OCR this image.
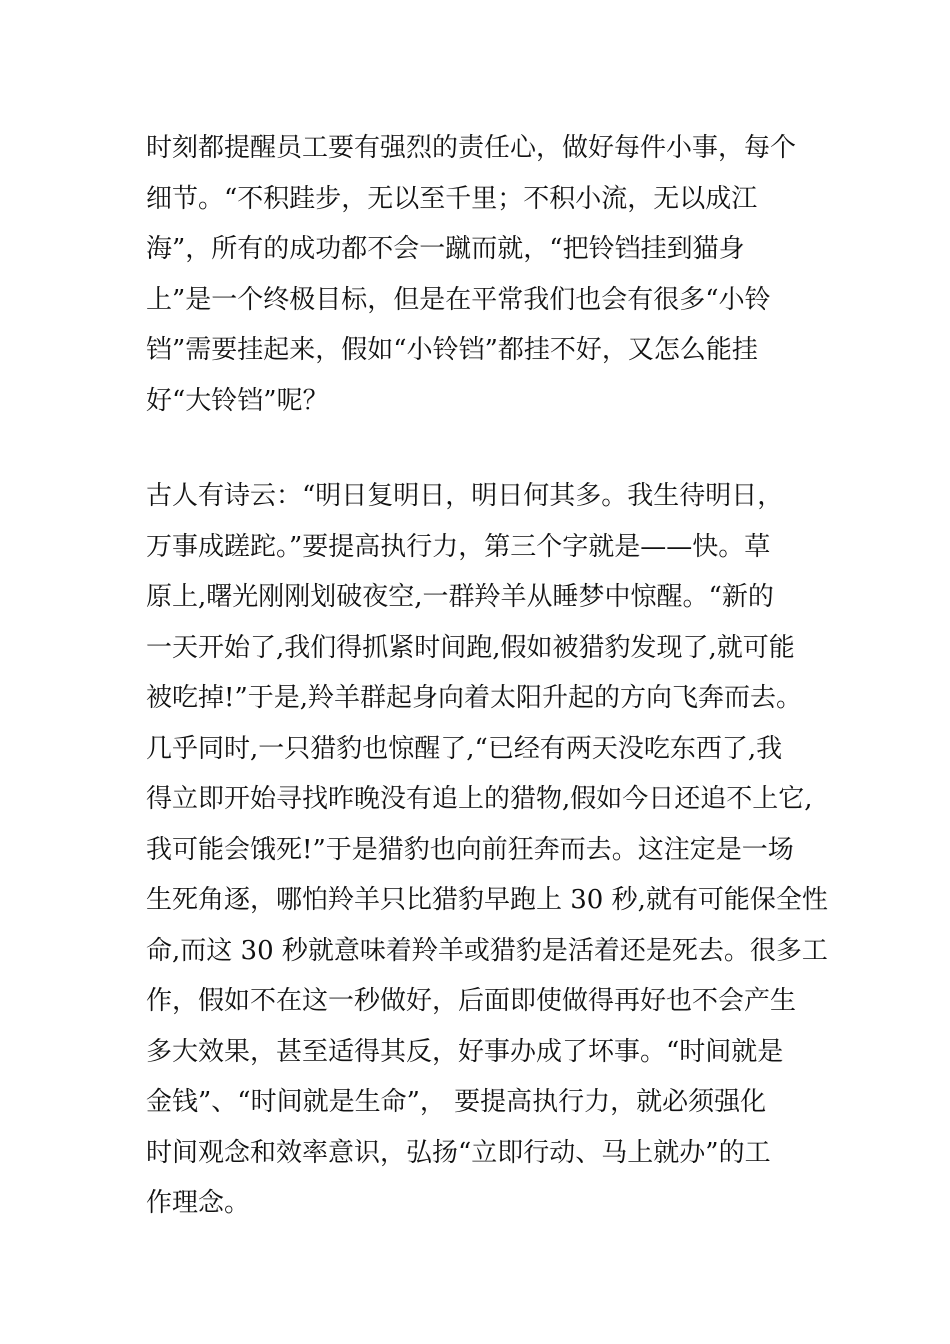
时刻都提醒员工要有强烈的责任心，做好每件小事，每个
细节。“不积跬步，无以至千里；不积小流，无以成江
海”，所有的成功都不会一蹴而就，“把铃铛挂到猫身
上”是一个终极目标，但是在平常我们也会有很多“小铃
铛”需要挂起来，假如“小铃铛”都挂不好，又怎么能挂
好“大铃铛”呢？
古人有诗云：“明日复明日，明日何其多。我生待明日，
万事成蹉跎。”要提高执行力，第三个字就是——快。草
原上,曙光刚刚划破夜空,一群羚羊从睡梦中惊醒。“新的
一天开始了,我们得抓紧时间跑,假如被猎豹发现了,就可能
被吃掉!”于是,羚羊群起身向着太阳升起的方向飞奔而去。
几乎同时,一只猎豹也惊醒了,“已经有两天没吃东西了,我
得立即开始寻找昨晚没有追上的猎物,假如今日还追不上它,
我可能会饿死!”于是猎豹也向前狂奔而去。这注定是一场
生死角逐，哪怕羚羊只比猎豹早跑上 30 秒,就有可能保全性
命,而这 30 秒就意味着羚羊或猎豹是活着还是死去。很多工
作，假如不在这一秒做好，后面即使做得再好也不会产生
多大效果，甚至适得其反，好事办成了坏事。“时间就是
金钱”、“时间就是生命”， 要提高执行力，就必须强化
时间观念和效率意识，弘扬“立即行动、马上就办”的工
作理念。
